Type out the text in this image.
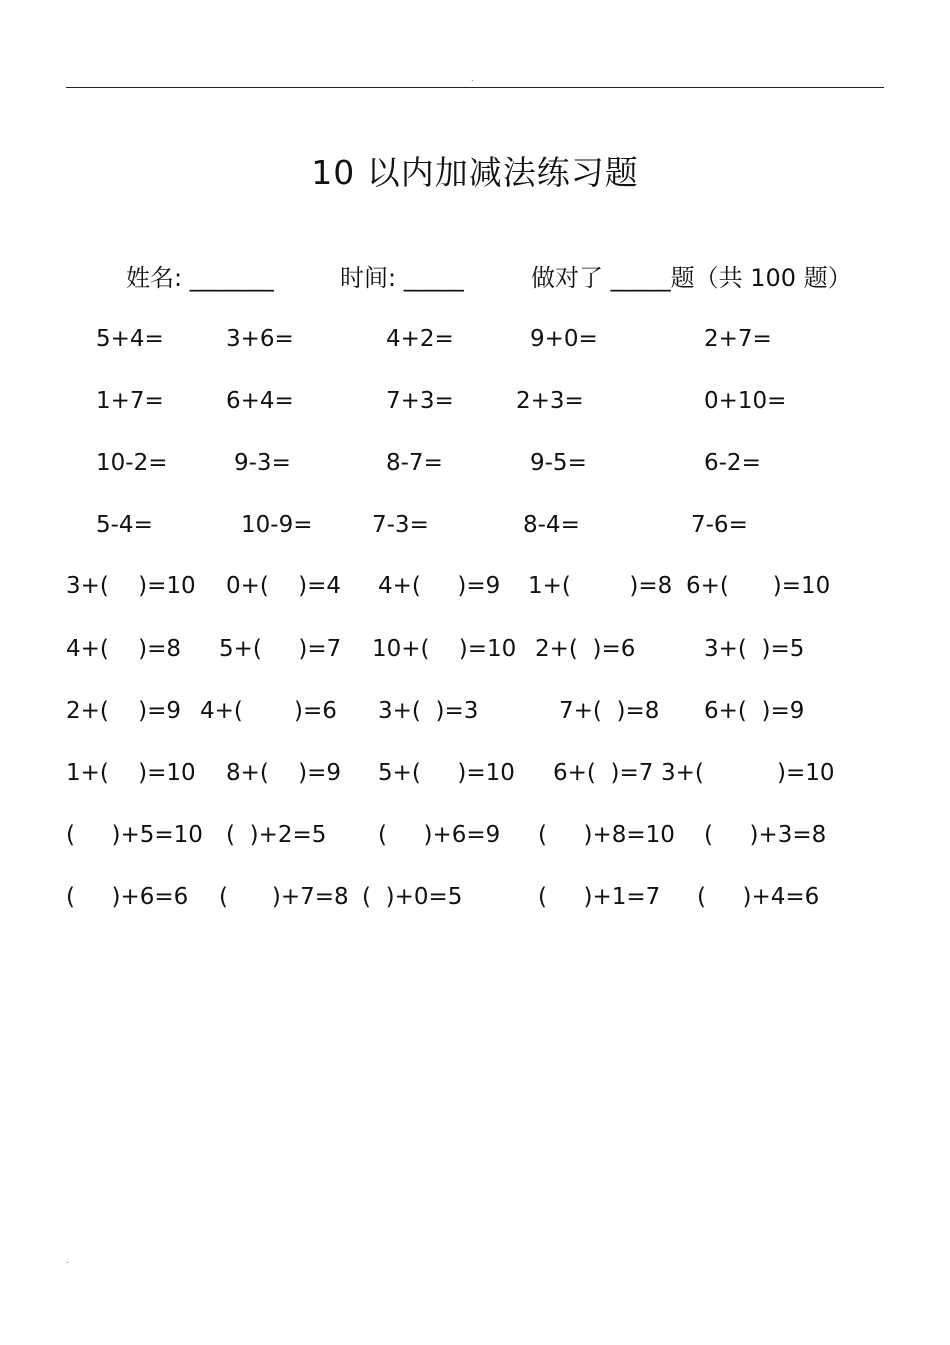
.
10 以内加减法练习题
姓名: _______	时间: _____	做对了 _____题（共 100 题）
5+4=	3+6=	4+2=	9+0=	2+7=
1+7=	6+4=	7+3=	2+3=	0+10=
10-2=	9-3=	8-7=	9-5=	6-2=
5-4=	10-9=	7-3=	8-4=	7-6=
3+(    )=10 0+(    )=4 4+(     )=9 1+(        )=8 6+(      )=10
4+(    )=8 5+(     )=7 10+(    )=10 2+(  )=6	3+(  )=5
2+(    )=9 4+(       )=6 3+(  )=3	7+(  )=8 6+(  )=9
1+(    )=10 8+(    )=9 5+(     )=10 6+(  )=7 3+(          )=10
(     )+5=10 (  )+2=5 (     )+6=9 (     )+8=10 (     )+3=8
(     )+6=6 (      )+7=8 (  )+0=5	(     )+1=7 (     )+4=6
.
